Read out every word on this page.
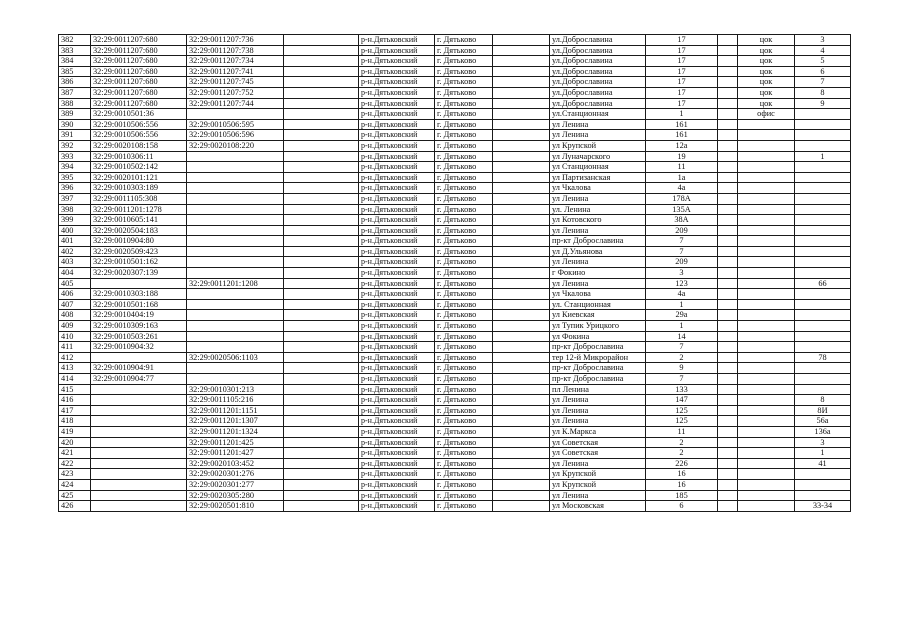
382	32:29:0011207:680	32:29:0011207:736		р-н.Дятьковский	г. Дятьково		ул.Доброславина	17		цок	3
383	32:29:0011207:680	32:29:0011207:738		р-н.Дятьковский	г. Дятьково		ул.Доброславина	17		цок	4
384	32:29:0011207:680	32:29:0011207:734		р-н.Дятьковский	г. Дятьково		ул.Доброславина	17		цок	5
385	32:29:0011207:680	32:29:0011207:741		р-н.Дятьковский	г. Дятьково		ул.Доброславина	17		цок	6
386	32:29:0011207:680	32:29:0011207:745		р-н.Дятьковский	г. Дятьково		ул.Доброславина	17		цок	7
387	32:29:0011207:680	32:29:0011207:752		р-н.Дятьковский	г. Дятьково		ул.Доброславина	17		цок	8
388	32:29:0011207:680	32:29:0011207:744		р-н.Дятьковский	г. Дятьково		ул.Доброславина	17		цок	9
389	32:29:0010501:36			р-н.Дятьковский	г. Дятьково		ул.Станционная	1		офис	
390	32:29:0010506:556	32:29:0010506:595		р-н.Дятьковский	г. Дятьково		ул Ленина	161			
391	32:29:0010506:556	32:29:0010506:596		р-н.Дятьковский	г. Дятьково		ул Ленина	161			
392	32:29:0020108:158	32:29:0020108:220		р-н.Дятьковский	г. Дятьково		ул Крупской	12а			
393	32:29:0010306:11			р-н.Дятьковский	г. Дятьково		ул Луначарского	19			1
394	32:29:0010502:142			р-н.Дятьковский	г. Дятьково		ул Станционная	11			
395	32:29:0020101:121			р-н.Дятьковский	г. Дятьково		ул Партизанская	1а			
396	32:29:0010303:189			р-н.Дятьковский	г. Дятьково		ул Чкалова	4а			
397	32:29:0011105:308			р-н.Дятьковский	г. Дятьково		ул Ленина	178А			
398	32:29:0011201:1278			р-н.Дятьковский	г. Дятьково		ул. Ленина	135А			
399	32:29:0010605:141			р-н.Дятьковский	г. Дятьково		ул Котовского	38А			
400	32:29:0020504:183			р-н.Дятьковский	г. Дятьково		ул Ленина	209			
401	32:29:0010904:80			р-н.Дятьковский	г. Дятьково		пр-кт Доброславина	7			
402	32:29:0020509:423			р-н.Дятьковский	г. Дятьково		ул Д.Ульянова	7			
403	32:29:0010501:162			р-н.Дятьковский	г. Дятьково		ул Ленина	209			
404	32:29:0020307:139			р-н.Дятьковский	г. Дятьково		г Фокино	3			
405		32:29:0011201:1208		р-н.Дятьковский	г. Дятьково		ул Ленина	123			66
406	32:29:0010303:188			р-н.Дятьковский	г. Дятьково		ул Чкалова	4а			
407	32:29:0010501:168			р-н.Дятьковский	г. Дятьково		ул. Станционная	1			
408	32:29:0010404:19			р-н.Дятьковский	г. Дятьково		ул Киевская	29а			
409	32:29:0010309:163			р-н.Дятьковский	г. Дятьково		ул Тупик Урицкого	1			
410	32:29:0010503:261			р-н.Дятьковский	г. Дятьково		ул Фокина	14			
411	32:29:0010904:32			р-н.Дятьковский	г. Дятьково		пр-кт Доброславина	7			
412		32:29:0020506:1103		р-н.Дятьковский	г. Дятьково		тер 12-й Микрорайон	2			78
413	32:29:0010904:91			р-н.Дятьковский	г. Дятьково		пр-кт Доброславина	9			
414	32:29:0010904:77			р-н.Дятьковский	г. Дятьково		пр-кт Доброславина	7			
415		32:29:0010301:213		р-н.Дятьковский	г. Дятьково		пл Ленина	133			
416		32:29:0011105:216		р-н.Дятьковский	г. Дятьково		ул Ленина	147			8
417		32:29:0011201:1151		р-н.Дятьковский	г. Дятьково		ул Ленина	125			8И
418		32:29:0011201:1307		р-н.Дятьковский	г. Дятьково		ул Ленина	125			56а
419		32:29:0011201:1324		р-н.Дятьковский	г. Дятьково		ул К.Маркса	11			136а
420		32:29:0011201:425		р-н.Дятьковский	г. Дятьково		ул Советская	2			3
421		32:29:0011201:427		р-н.Дятьковский	г. Дятьково		ул Советская	2			1
422		32:29:0020103:452		р-н.Дятьковский	г. Дятьково		ул Ленина	226			41
423		32:29:0020301:276		р-н.Дятьковский	г. Дятьково		ул Крупской	16			
424		32:29:0020301:277		р-н.Дятьковский	г. Дятьково		ул Крупской	16			
425		32:29:0020305:280		р-н.Дятьковский	г. Дятьково		ул Ленина	185			
426		32:29:0020501:810		р-н.Дятьковский	г. Дятьково		ул Московская	6			33-34
